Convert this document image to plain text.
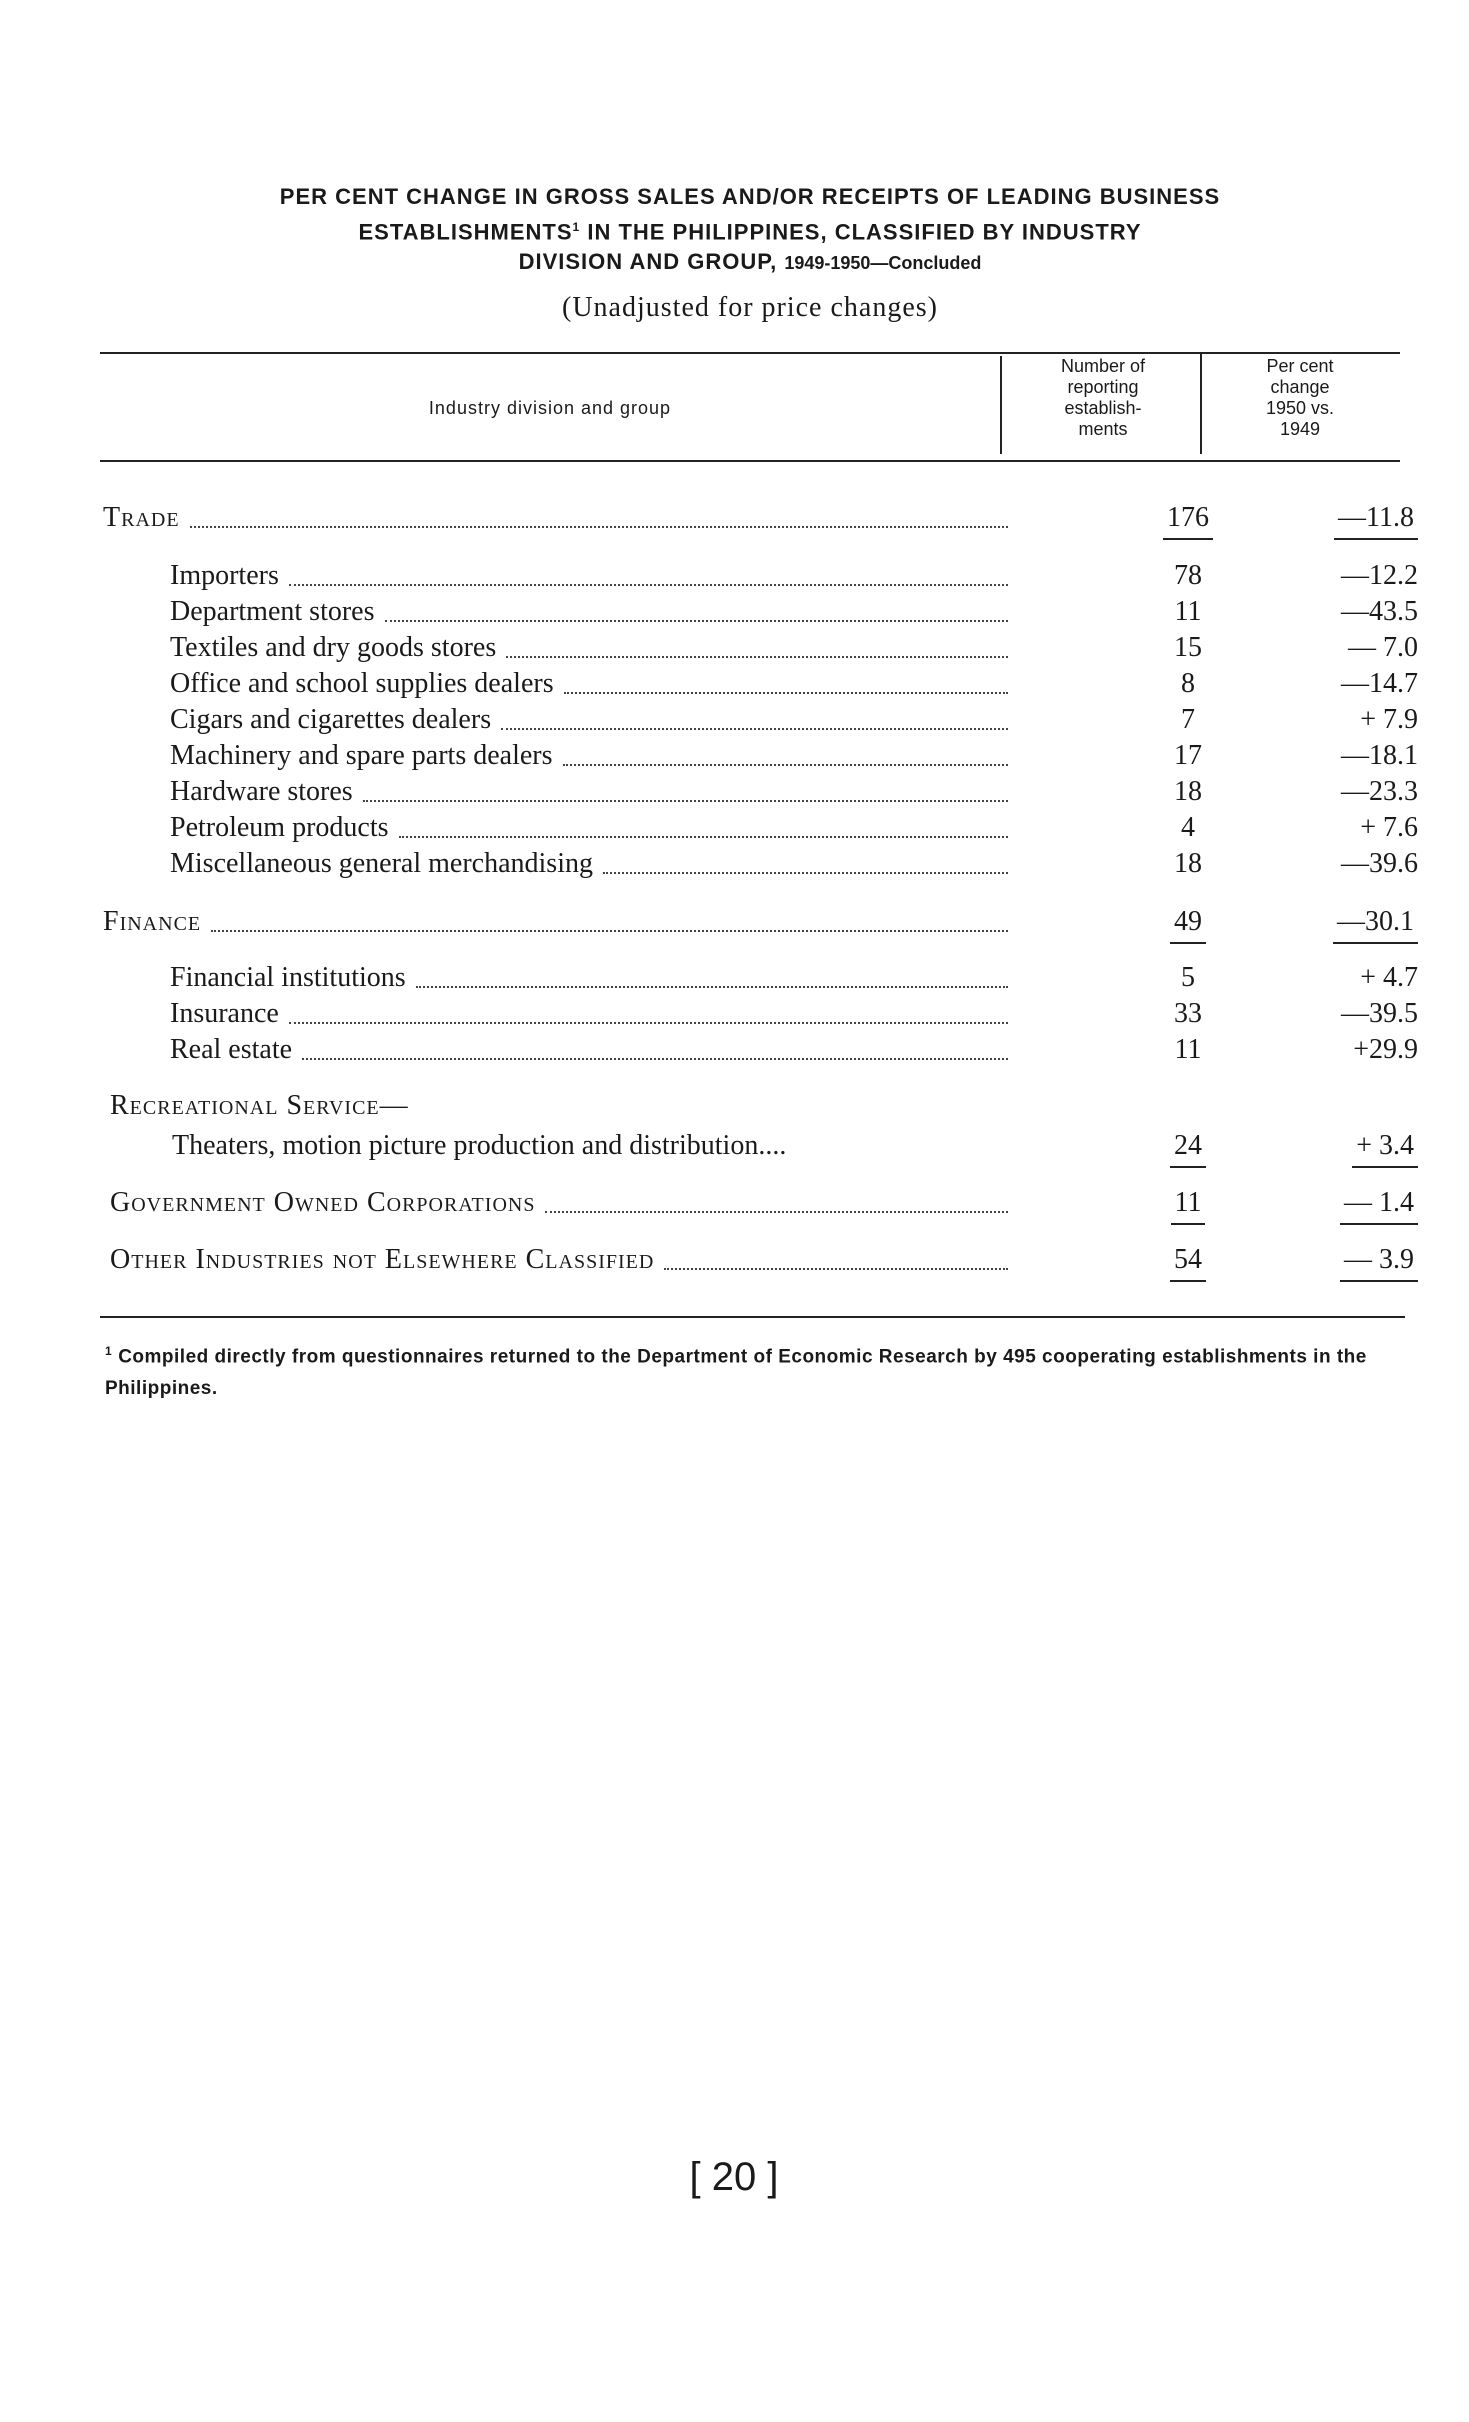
PER CENT CHANGE IN GROSS SALES AND/OR RECEIPTS OF LEADING BUSINESS
ESTABLISHMENTS$^1$ IN THE PHILIPPINES, CLASSIFIED BY INDUSTRY
DIVISION AND GROUP, 1949-1950—Concluded
(Unadjusted for price changes)
Industry division and group
Number of
reporting
establish-
ments
Per cent
change
1950 vs.
1949
Trade	176	—11.8
Importers	78	—12.2
Department stores	11	—43.5
Textiles and dry goods stores	15	— 7.0
Office and school supplies dealers	8	—14.7
Cigars and cigarettes dealers	7	+ 7.9
Machinery and spare parts dealers	17	—18.1
Hardware stores	18	—23.3
Petroleum products	4	+ 7.6
Miscellaneous general merchandising	18	—39.6
Finance	49	—30.1
Financial institutions	5	+ 4.7
Insurance	33	—39.5
Real estate	11	+29.9
Recreational Service—
Theaters, motion picture production and distribution....	24	+ 3.4
Government Owned Corporations	11	— 1.4
Other Industries not Elsewhere Classified	54	— 3.9
$^1$ Compiled directly from questionnaires returned to the Department of Economic Research by 495 cooperating establishments in the Philippines.
[ 20 ]
